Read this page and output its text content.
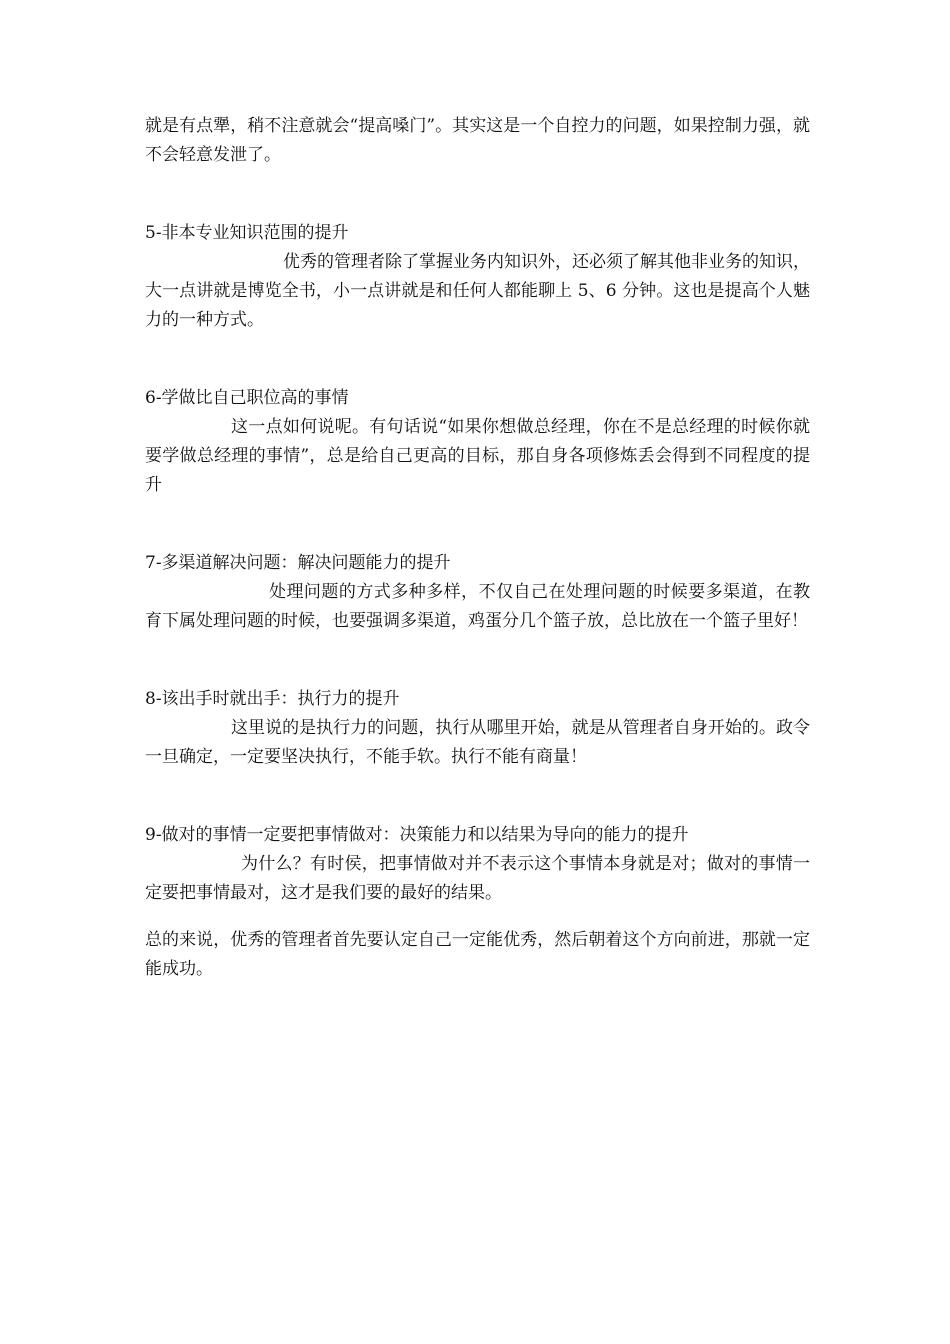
就是有点犟，稍不注意就会“提高嗓门”。其实这是一个自控力的问题，如果控制力强，就不会轻意发泄了。

5-非本专业知识范围的提升

优秀的管理者除了掌握业务内知识外，还必须了解其他非业务的知识，大一点讲就是博览全书，小一点讲就是和任何人都能聊上 5、6 分钟。这也是提高个人魅力的一种方式。

6-学做比自己职位高的事情

这一点如何说呢。有句话说“如果你想做总经理，你在不是总经理的时候你就要学做总经理的事情”，总是给自己更高的目标，那自身各项修炼丢会得到不同程度的提升

7-多渠道解决问题：解决问题能力的提升

处理问题的方式多种多样，不仅自己在处理问题的时候要多渠道，在教育下属处理问题的时候，也要强调多渠道，鸡蛋分几个篮子放，总比放在一个篮子里好！

8-该出手时就出手：执行力的提升

这里说的是执行力的问题，执行从哪里开始，就是从管理者自身开始的。政令一旦确定，一定要坚决执行，不能手软。执行不能有商量！

9-做对的事情一定要把事情做对：决策能力和以结果为导向的能力的提升

为什么？有时侯，把事情做对并不表示这个事情本身就是对；做对的事情一定要把事情最对，这才是我们要的最好的结果。

总的来说，优秀的管理者首先要认定自己一定能优秀，然后朝着这个方向前进，那就一定能成功。
